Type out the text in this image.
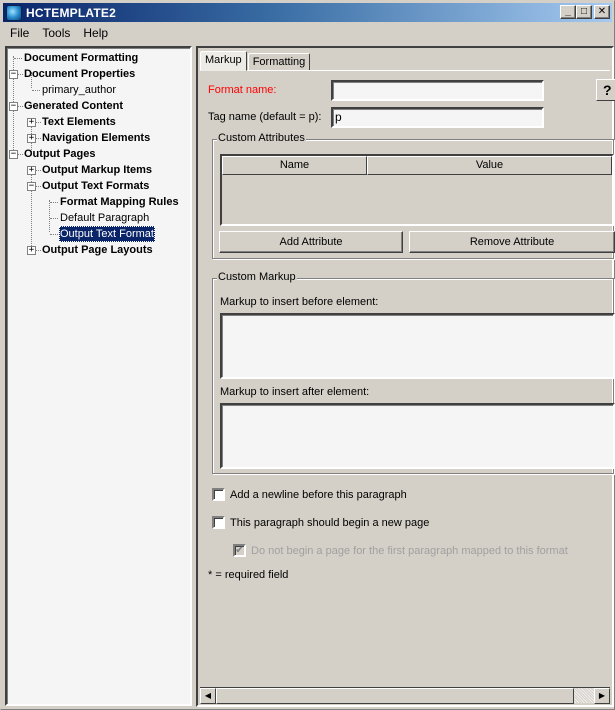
HCTEMPLATE2	_	□	✕
File	Tools	Help
Document Formatting
− Document Properties
primary_author
− Generated Content
+ Text Elements
+ Navigation Elements
− Output Pages
+ Output Markup Items
− Output Text Formats
Format Mapping Rules
Default Paragraph
Output Text Format
+ Output Page Layouts
Markup	Formatting
Format name:	?
Tag name (default = p):	p
Custom Attributes
Name	Value
Add Attribute	Remove Attribute
Custom Markup
Markup to insert before element:
Markup to insert after element:
Add a newline before this paragraph
This paragraph should begin a new page
✔ Do not begin a page for the first paragraph mapped to this format
* = required field
◀	▶
